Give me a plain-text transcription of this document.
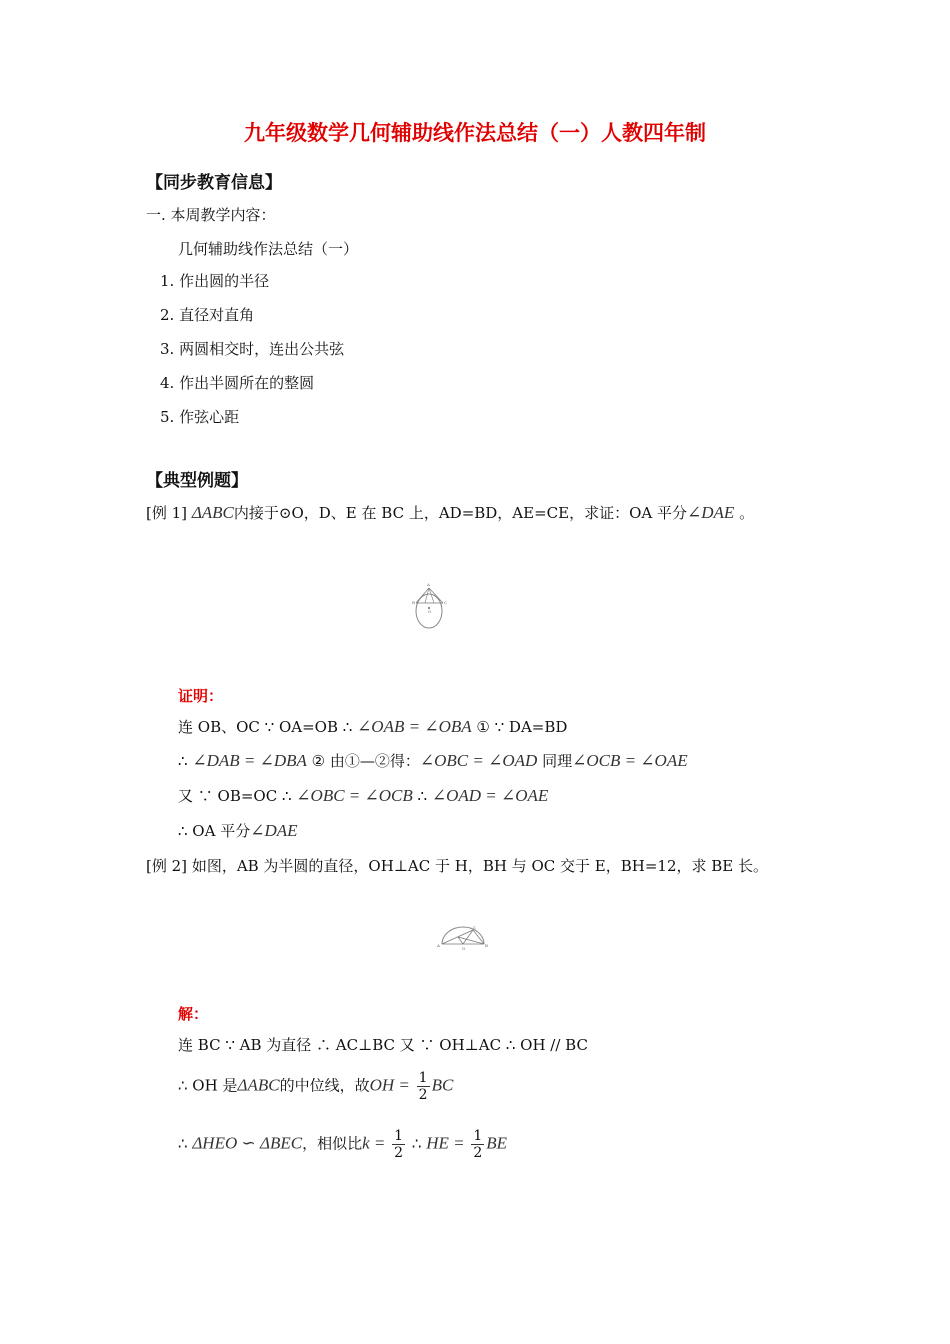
九年级数学几何辅助线作法总结（一）人教四年制
【同步教育信息】
一. 本周教学内容：
几何辅助线作法总结（一）
1. 作出圆的半径
2. 直径对直角
3. 两圆相交时，连出公共弦
4. 作出半圆所在的整圆
5. 作弦心距
【典型例题】
[例 1] ΔABC内接于⊙O，D、E 在 BC 上，AD=BD，AE=CE，求证：OA 平分∠DAE 。
A
B	C
O
证明：
连 OB、OC ∵ OA=OB ∴ ∠OAB = ∠OBA ① ∵ DA=BD
∴ ∠DAB = ∠DBA ② 由①—②得：∠OBC = ∠OAD 同理∠OCB = ∠OAE
又 ∵ OB=OC ∴ ∠OBC = ∠OCB ∴ ∠OAD = ∠OAE
∴ OA 平分∠DAE
[例 2] 如图，AB 为半圆的直径，OH⊥AC 于 H，BH 与 OC 交于 E，BH=12，求 BE 长。
A	B
C
O
解：
连 BC ∵ AB 为直径 ∴ AC⊥BC 又 ∵ OH⊥AC ∴ OH // BC
∴ OH 是ΔABC的中位线，故OH = $\frac{1}{2}$ BC
∴ ΔHEO ∽ ΔBEC，相似比$k = \frac{1}{2}$ ∴ HE = $\frac{1}{2}$ BE
